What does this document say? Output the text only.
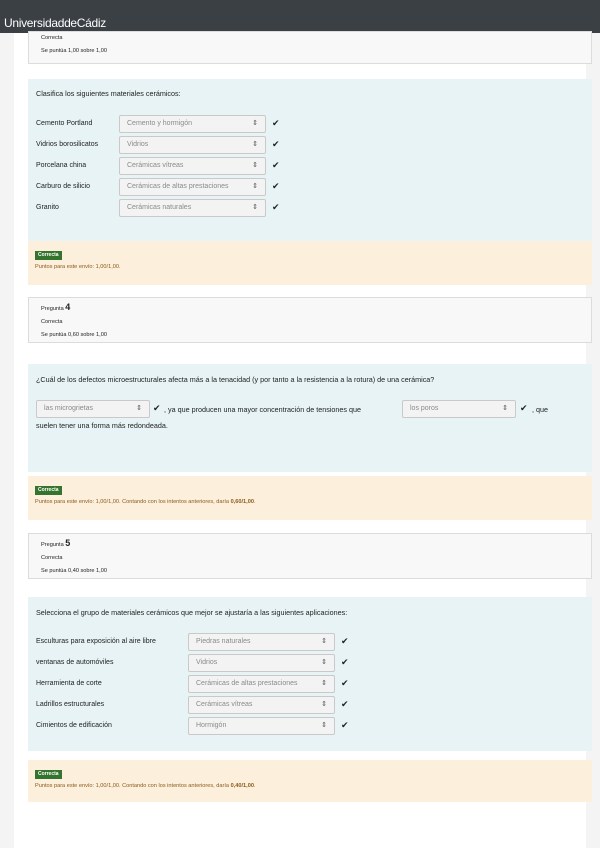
UniversidaddeCádiz
Correcta
Se puntúa 1,00 sobre 1,00
Clasifica los siguientes materiales cerámicos:
Cemento Portland	Cemento y hormigón	⇕ ✔
Vidrios borosilicatos	Vidrios	⇕ ✔
Porcelana china	Cerámicas vítreas	⇕ ✔
Carburo de silicio	Cerámicas de altas prestaciones	⇕ ✔
Granito	Cerámicas naturales	⇕ ✔
Correcta
Puntos para este envío: 1,00/1,00.
Pregunta 4
Correcta
Se puntúa 0,60 sobre 1,00
¿Cuál de los defectos microestructurales afecta más a la tenacidad (y por tanto a la resistencia a la rotura) de una cerámica?
las microgrietas	⇕ ✔ , ya que producen una mayor concentración de tensiones que	los poros	⇕ ✔ , que
suelen tener una forma más redondeada.
Correcta
Puntos para este envío: 1,00/1,00. Contando con los intentos anteriores, daría 0,60/1,00.
Pregunta 5
Correcta
Se puntúa 0,40 sobre 1,00
Selecciona el grupo de materiales cerámicos que mejor se ajustaría a las siguientes aplicaciones:
Esculturas para exposición al aire libre	Piedras naturales	⇕ ✔
ventanas de automóviles	Vidrios	⇕ ✔
Herramienta de corte	Cerámicas de altas prestaciones	⇕ ✔
Ladrillos estructurales	Cerámicas vítreas	⇕ ✔
Cimientos de edificación	Hormigón	⇕ ✔
Correcta
Puntos para este envío: 1,00/1,00. Contando con los intentos anteriores, daría 0,40/1,00.
